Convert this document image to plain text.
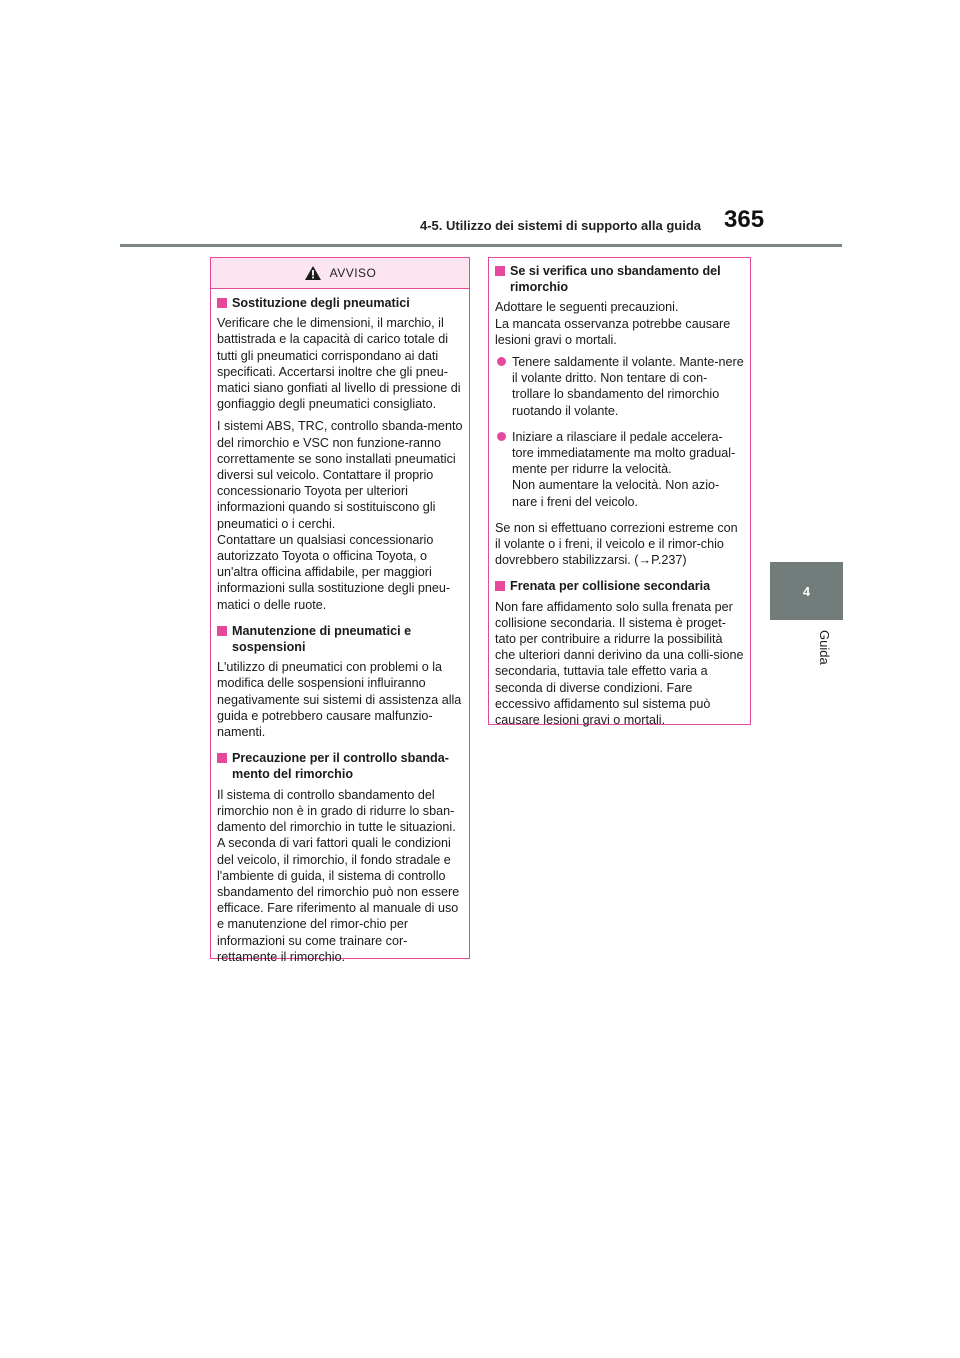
4-5. Utilizzo dei sistemi di supporto alla guida 365
4
Guida
AVVISO
Sostituzione degli pneumatici

Verificare che le dimensioni, il marchio, il battistrada e la capacità di carico totale di tutti gli pneumatici corrispondano ai dati specificati. Accertarsi inoltre che gli pneu-matici siano gonfiati al livello di pressione di gonfiaggio degli pneumatici consigliato.

I sistemi ABS, TRC, controllo sbanda-mento del rimorchio e VSC non funzione-ranno correttamente se sono installati pneumatici diversi sul veicolo. Contattare il proprio concessionario Toyota per ulteriori informazioni quando si sostituiscono gli pneumatici o i cerchi.
Contattare un qualsiasi concessionario autorizzato Toyota o officina Toyota, o un'altra officina affidabile, per maggiori informazioni sulla sostituzione degli pneu-matici o delle ruote.

Manutenzione di pneumatici e sospensioni

L'utilizzo di pneumatici con problemi o la modifica delle sospensioni influiranno negativamente sui sistemi di assistenza alla guida e potrebbero causare malfunzio-namenti.

Precauzione per il controllo sbanda-mento del rimorchio

Il sistema di controllo sbandamento del rimorchio non è in grado di ridurre lo sban-damento del rimorchio in tutte le situazioni. A seconda di vari fattori quali le condizioni del veicolo, il rimorchio, il fondo stradale e l'ambiente di guida, il sistema di controllo sbandamento del rimorchio può non essere efficace. Fare riferimento al manuale di uso e manutenzione del rimor-chio per informazioni su come trainare cor-rettamente il rimorchio.

Se si verifica uno sbandamento del rimorchio

Adottare le seguenti precauzioni.
La mancata osservanza potrebbe causare lesioni gravi o mortali.

Tenere saldamente il volante. Mante-nere il volante dritto. Non tentare di con-trollare lo sbandamento del rimorchio ruotando il volante.
Iniziare a rilasciare il pedale accelera-tore immediatamente ma molto gradual-mente per ridurre la velocità.
Non aumentare la velocità. Non azio-nare i freni del veicolo.

Se non si effettuano correzioni estreme con il volante o i freni, il veicolo e il rimor-chio dovrebbero stabilizzarsi. (→P.237)

Frenata per collisione secondaria

Non fare affidamento solo sulla frenata per collisione secondaria. Il sistema è proget-tato per contribuire a ridurre la possibilità che ulteriori danni derivino da una colli-sione secondaria, tuttavia tale effetto varia a seconda di diverse condizioni. Fare eccessivo affidamento sul sistema può causare lesioni gravi o mortali.
